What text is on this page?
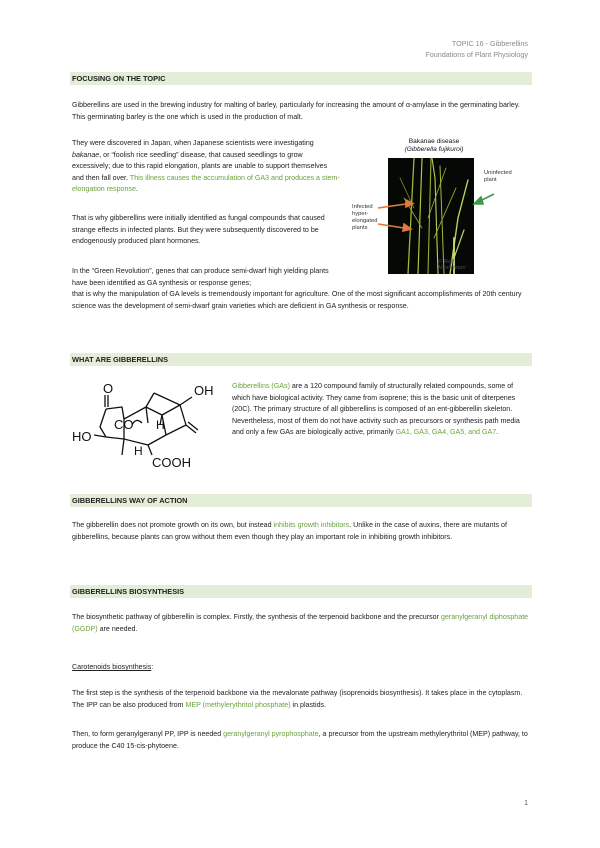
TOPIC 16 - Gibberellins
Foundations of Plant Physiology
FOCUSING ON THE TOPIC

Gibberellins are used in the brewing industry for malting of barley, particularly for increasing the amount of α-amylase in the germinating barley. This germinating barley is the one which is used in the production of malt.

They were discovered in Japan, when Japanese scientists were investigating bakanae, or “foolish rice seedling” disease, that caused seedlings to grow excessively; due to this rapid elongation, plants are unable to support themselves and then fall over. This illness causes the accumulation of GA3 and produces a stem-elongation response.

That is why gibberellins were initially identified as fungal compounds that caused strange effects in infected plants. But they were subsequently discovered to be endogenously produced plant hormones.

In the “Green Revolution”, genes that can produce semi-dwarf high yielding plants have been identified as GA synthesis or response genes;

that is why the manipulation of GA levels is tremendously important for agriculture. One of the most significant accomplishments of 20th century science was the development of semi-dwarf grain varieties which are deficient in GA synthesis or response.

Bakanae disease
(Gibberella fujikuroi)
© Rod Minnerman
Infected hyper-elongated plants
Uninfected plant
WHAT ARE GIBBERELLINS
O	OH
CO H
HO
H
COOH

Gibberellins (GAs) are a 120 compound family of structurally related compounds, some of which have biological activity. They came from isoprene; this is the basic unit of diterpenes (20C). The primary structure of all gibberellins is composed of an ent-gibberellin skeleton. Nevertheless, most of them do not have activity such as precursors or synthesis path media and only a few GAs are biologically active, primarily GA1, GA3, GA4, GA5, and GA7.

GIBBERELLINS WAY OF ACTION

The gibberellin does not promote growth on its own, but instead inhibits growth inhibitors. Unlike in the case of auxins, there are mutants of gibberellins, because plants can grow without them even though they play an important role in inhibiting growth inhibitors.

GIBBERELLINS BIOSYNTHESIS

The biosynthetic pathway of gibberellin is complex. Firstly, the synthesis of the terpenoid backbone and the precursor geranylgeranyl diphosphate (GGDP) are needed.

Carotenoids biosynthesis:

The first step is the synthesis of the terpenoid backbone via the mevalonate pathway (isoprenoids biosynthesis). It takes place in the cytoplasm. The IPP can be also produced from MEP (methylerythritol phosphate) in plastids.

Then, to form geranylgeranyl PP, IPP is needed geranylgeranyl pyrophosphate, a precursor from the upstream methylerythritol (MEP) pathway, to produce the C40 15-cis-phytoene.

1
